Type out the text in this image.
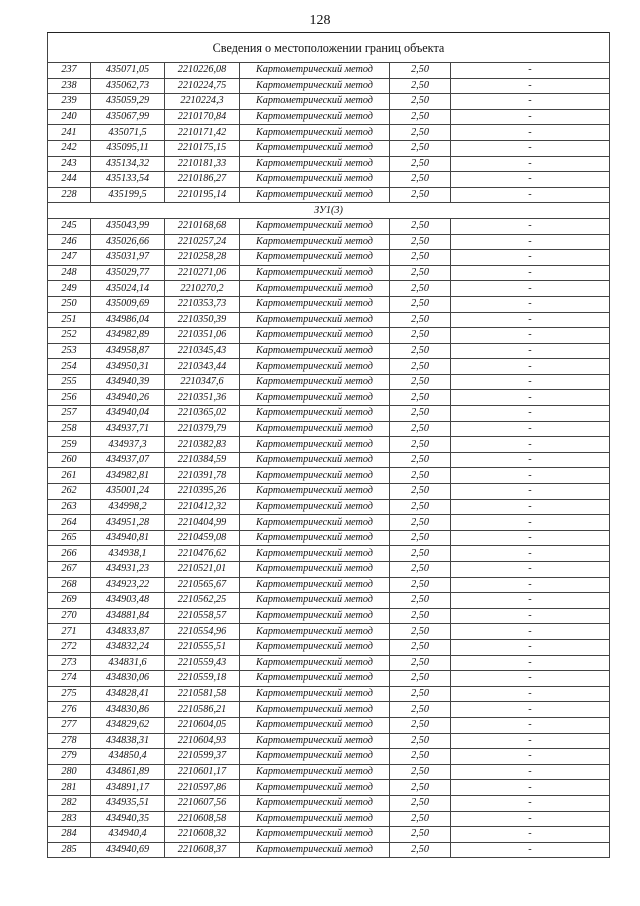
128
Сведения о местоположении границ объекта					
237	435071,05	2210226,08	Картометрический метод	2,50	-
238	435062,73	2210224,75	Картометрический метод	2,50	-
239	435059,29	2210224,3	Картометрический метод	2,50	-
240	435067,99	2210170,84	Картометрический метод	2,50	-
241	435071,5	2210171,42	Картометрический метод	2,50	-
242	435095,11	2210175,15	Картометрический метод	2,50	-
243	435134,32	2210181,33	Картометрический метод	2,50	-
244	435133,54	2210186,27	Картометрический метод	2,50	-
228	435199,5	2210195,14	Картометрический метод	2,50	-
ЗУ1(3)					
245	435043,99	2210168,68	Картометрический метод	2,50	-
246	435026,66	2210257,24	Картометрический метод	2,50	-
247	435031,97	2210258,28	Картометрический метод	2,50	-
248	435029,77	2210271,06	Картометрический метод	2,50	-
249	435024,14	2210270,2	Картометрический метод	2,50	-
250	435009,69	2210353,73	Картометрический метод	2,50	-
251	434986,04	2210350,39	Картометрический метод	2,50	-
252	434982,89	2210351,06	Картометрический метод	2,50	-
253	434958,87	2210345,43	Картометрический метод	2,50	-
254	434950,31	2210343,44	Картометрический метод	2,50	-
255	434940,39	2210347,6	Картометрический метод	2,50	-
256	434940,26	2210351,36	Картометрический метод	2,50	-
257	434940,04	2210365,02	Картометрический метод	2,50	-
258	434937,71	2210379,79	Картометрический метод	2,50	-
259	434937,3	2210382,83	Картометрический метод	2,50	-
260	434937,07	2210384,59	Картометрический метод	2,50	-
261	434982,81	2210391,78	Картометрический метод	2,50	-
262	435001,24	2210395,26	Картометрический метод	2,50	-
263	434998,2	2210412,32	Картометрический метод	2,50	-
264	434951,28	2210404,99	Картометрический метод	2,50	-
265	434940,81	2210459,08	Картометрический метод	2,50	-
266	434938,1	2210476,62	Картометрический метод	2,50	-
267	434931,23	2210521,01	Картометрический метод	2,50	-
268	434923,22	2210565,67	Картометрический метод	2,50	-
269	434903,48	2210562,25	Картометрический метод	2,50	-
270	434881,84	2210558,57	Картометрический метод	2,50	-
271	434833,87	2210554,96	Картометрический метод	2,50	-
272	434832,24	2210555,51	Картометрический метод	2,50	-
273	434831,6	2210559,43	Картометрический метод	2,50	-
274	434830,06	2210559,18	Картометрический метод	2,50	-
275	434828,41	2210581,58	Картометрический метод	2,50	-
276	434830,86	2210586,21	Картометрический метод	2,50	-
277	434829,62	2210604,05	Картометрический метод	2,50	-
278	434838,31	2210604,93	Картометрический метод	2,50	-
279	434850,4	2210599,37	Картометрический метод	2,50	-
280	434861,89	2210601,17	Картометрический метод	2,50	-
281	434891,17	2210597,86	Картометрический метод	2,50	-
282	434935,51	2210607,56	Картометрический метод	2,50	-
283	434940,35	2210608,58	Картометрический метод	2,50	-
284	434940,4	2210608,32	Картометрический метод	2,50	-
285	434940,69	2210608,37	Картометрический метод	2,50	-
